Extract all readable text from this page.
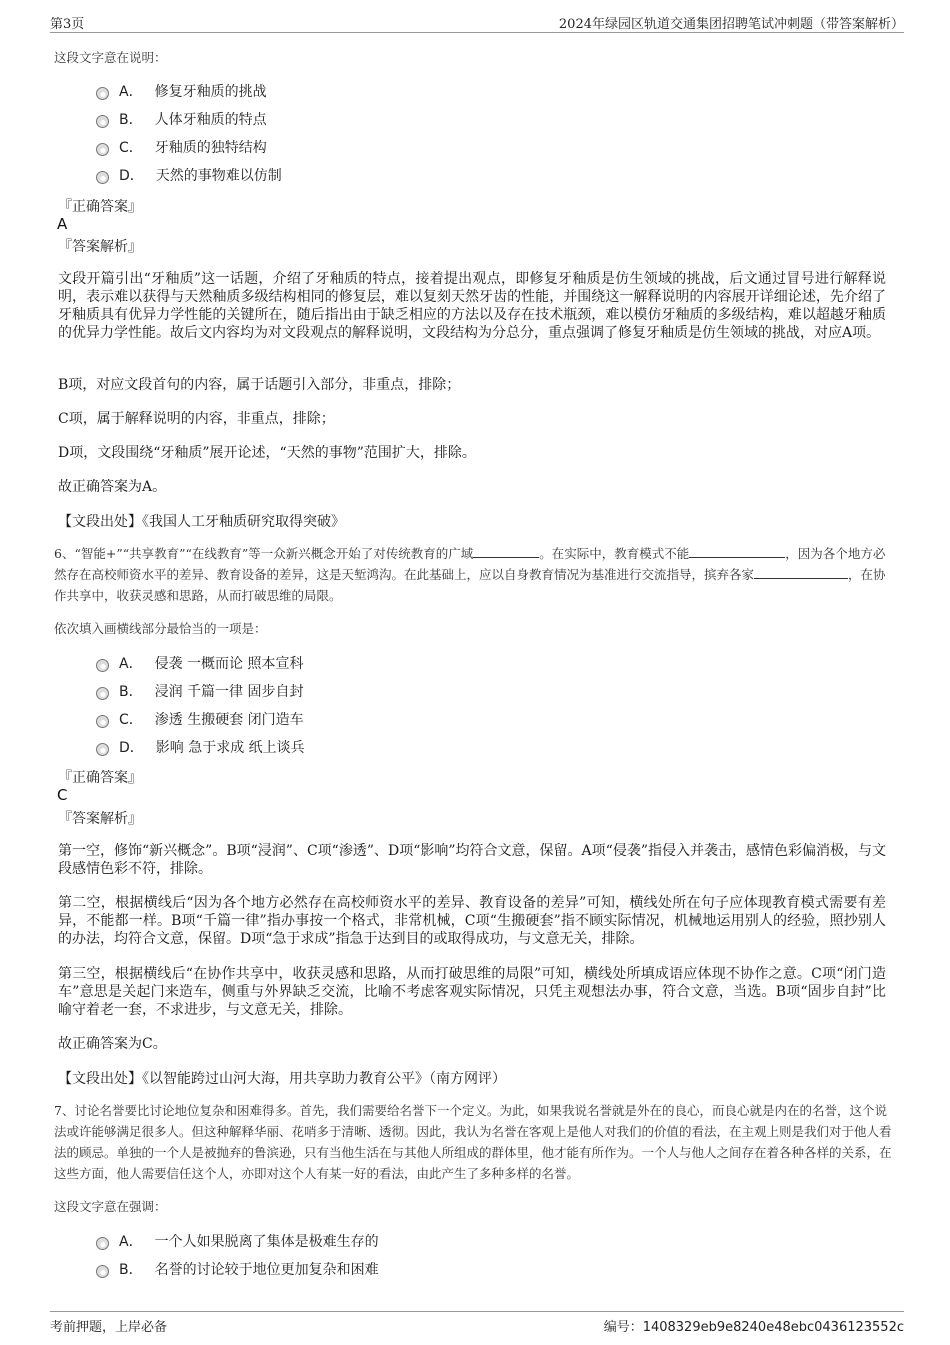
第3页	2024年绿园区轨道交通集团招聘笔试冲刺题（带答案解析）
这段文字意在说明：
A． 修复牙釉质的挑战
B． 人体牙釉质的特点
C． 牙釉质的独特结构
D． 天然的事物难以仿制
『正确答案』
A
『答案解析』
文段开篇引出“牙釉质”这一话题，介绍了牙釉质的特点，接着提出观点，即修复牙釉质是仿生领域的挑战，后文通过冒号进行解释说明，表示难以获得与天然釉质多级结构相同的修复层，难以复刻天然牙齿的性能，并围绕这一解释说明的内容展开详细论述，先介绍了牙釉质具有优异力学性能的关键所在，随后指出由于缺乏相应的方法以及存在技术瓶颈，难以模仿牙釉质的多级结构，难以超越牙釉质的优异力学性能。故后文内容均为对文段观点的解释说明，文段结构为分总分，重点强调了修复牙釉质是仿生领域的挑战，对应A项。
B项，对应文段首句的内容，属于话题引入部分，非重点，排除；
C项，属于解释说明的内容，非重点，排除；
D项，文段围绕“牙釉质”展开论述，“天然的事物”范围扩大，排除。
故正确答案为A。
【文段出处】《我国人工牙釉质研究取得突破》
6、“智能+”“共享教育”“在线教育”等一众新兴概念开始了对传统教育的广域	。在实际中，教育模式不能	，因为各个地方必然存在高校师资水平的差异、教育设备的差异，这是天堑鸿沟。在此基础上，应以自身教育情况为基准进行交流指导，摈弃各家	，在协作共享中，收获灵感和思路，从而打破思维的局限。
依次填入画横线部分最恰当的一项是：
A． 侵袭 一概而论 照本宣科
B． 浸润 千篇一律 固步自封
C． 渗透 生搬硬套 闭门造车
D． 影响 急于求成 纸上谈兵
『正确答案』
C
『答案解析』
第一空，修饰“新兴概念”。B项“浸润”、C项“渗透”、D项“影响”均符合文意，保留。A项“侵袭”指侵入并袭击，感情色彩偏消极，与文段感情色彩不符，排除。
第二空，根据横线后“因为各个地方必然存在高校师资水平的差异、教育设备的差异”可知，横线处所在句子应体现教育模式需要有差异，不能都一样。B项“千篇一律”指办事按一个格式，非常机械，C项“生搬硬套”指不顾实际情况，机械地运用别人的经验，照抄别人的办法，均符合文意，保留。D项“急于求成”指急于达到目的或取得成功，与文意无关，排除。
第三空，根据横线后“在协作共享中，收获灵感和思路，从而打破思维的局限”可知，横线处所填成语应体现不协作之意。C项“闭门造车”意思是关起门来造车，侧重与外界缺乏交流，比喻不考虑客观实际情况，只凭主观想法办事，符合文意，当选。B项“固步自封”比喻守着老一套，不求进步，与文意无关，排除。
故正确答案为C。
【文段出处】《以智能跨过山河大海，用共享助力教育公平》（南方网评）
7、讨论名誉要比讨论地位复杂和困难得多。首先，我们需要给名誉下一个定义。为此，如果我说名誉就是外在的良心，而良心就是内在的名誉，这个说法或许能够满足很多人。但这种解释华丽、花哨多于清晰、透彻。因此，我认为名誉在客观上是他人对我们的价值的看法，在主观上则是我们对于他人看法的顾忌。单独的一个人是被抛弃的鲁滨逊，只有当他生活在与其他人所组成的群体里，他才能有所作为。一个人与他人之间存在着各种各样的关系，在这些方面，他人需要信任这个人，亦即对这个人有某一好的看法，由此产生了多种多样的名誉。
这段文字意在强调：
A． 一个人如果脱离了集体是极难生存的
B． 名誉的讨论较于地位更加复杂和困难
考前押题，上岸必备	编号：1408329eb9e8240e48ebc0436123552c
